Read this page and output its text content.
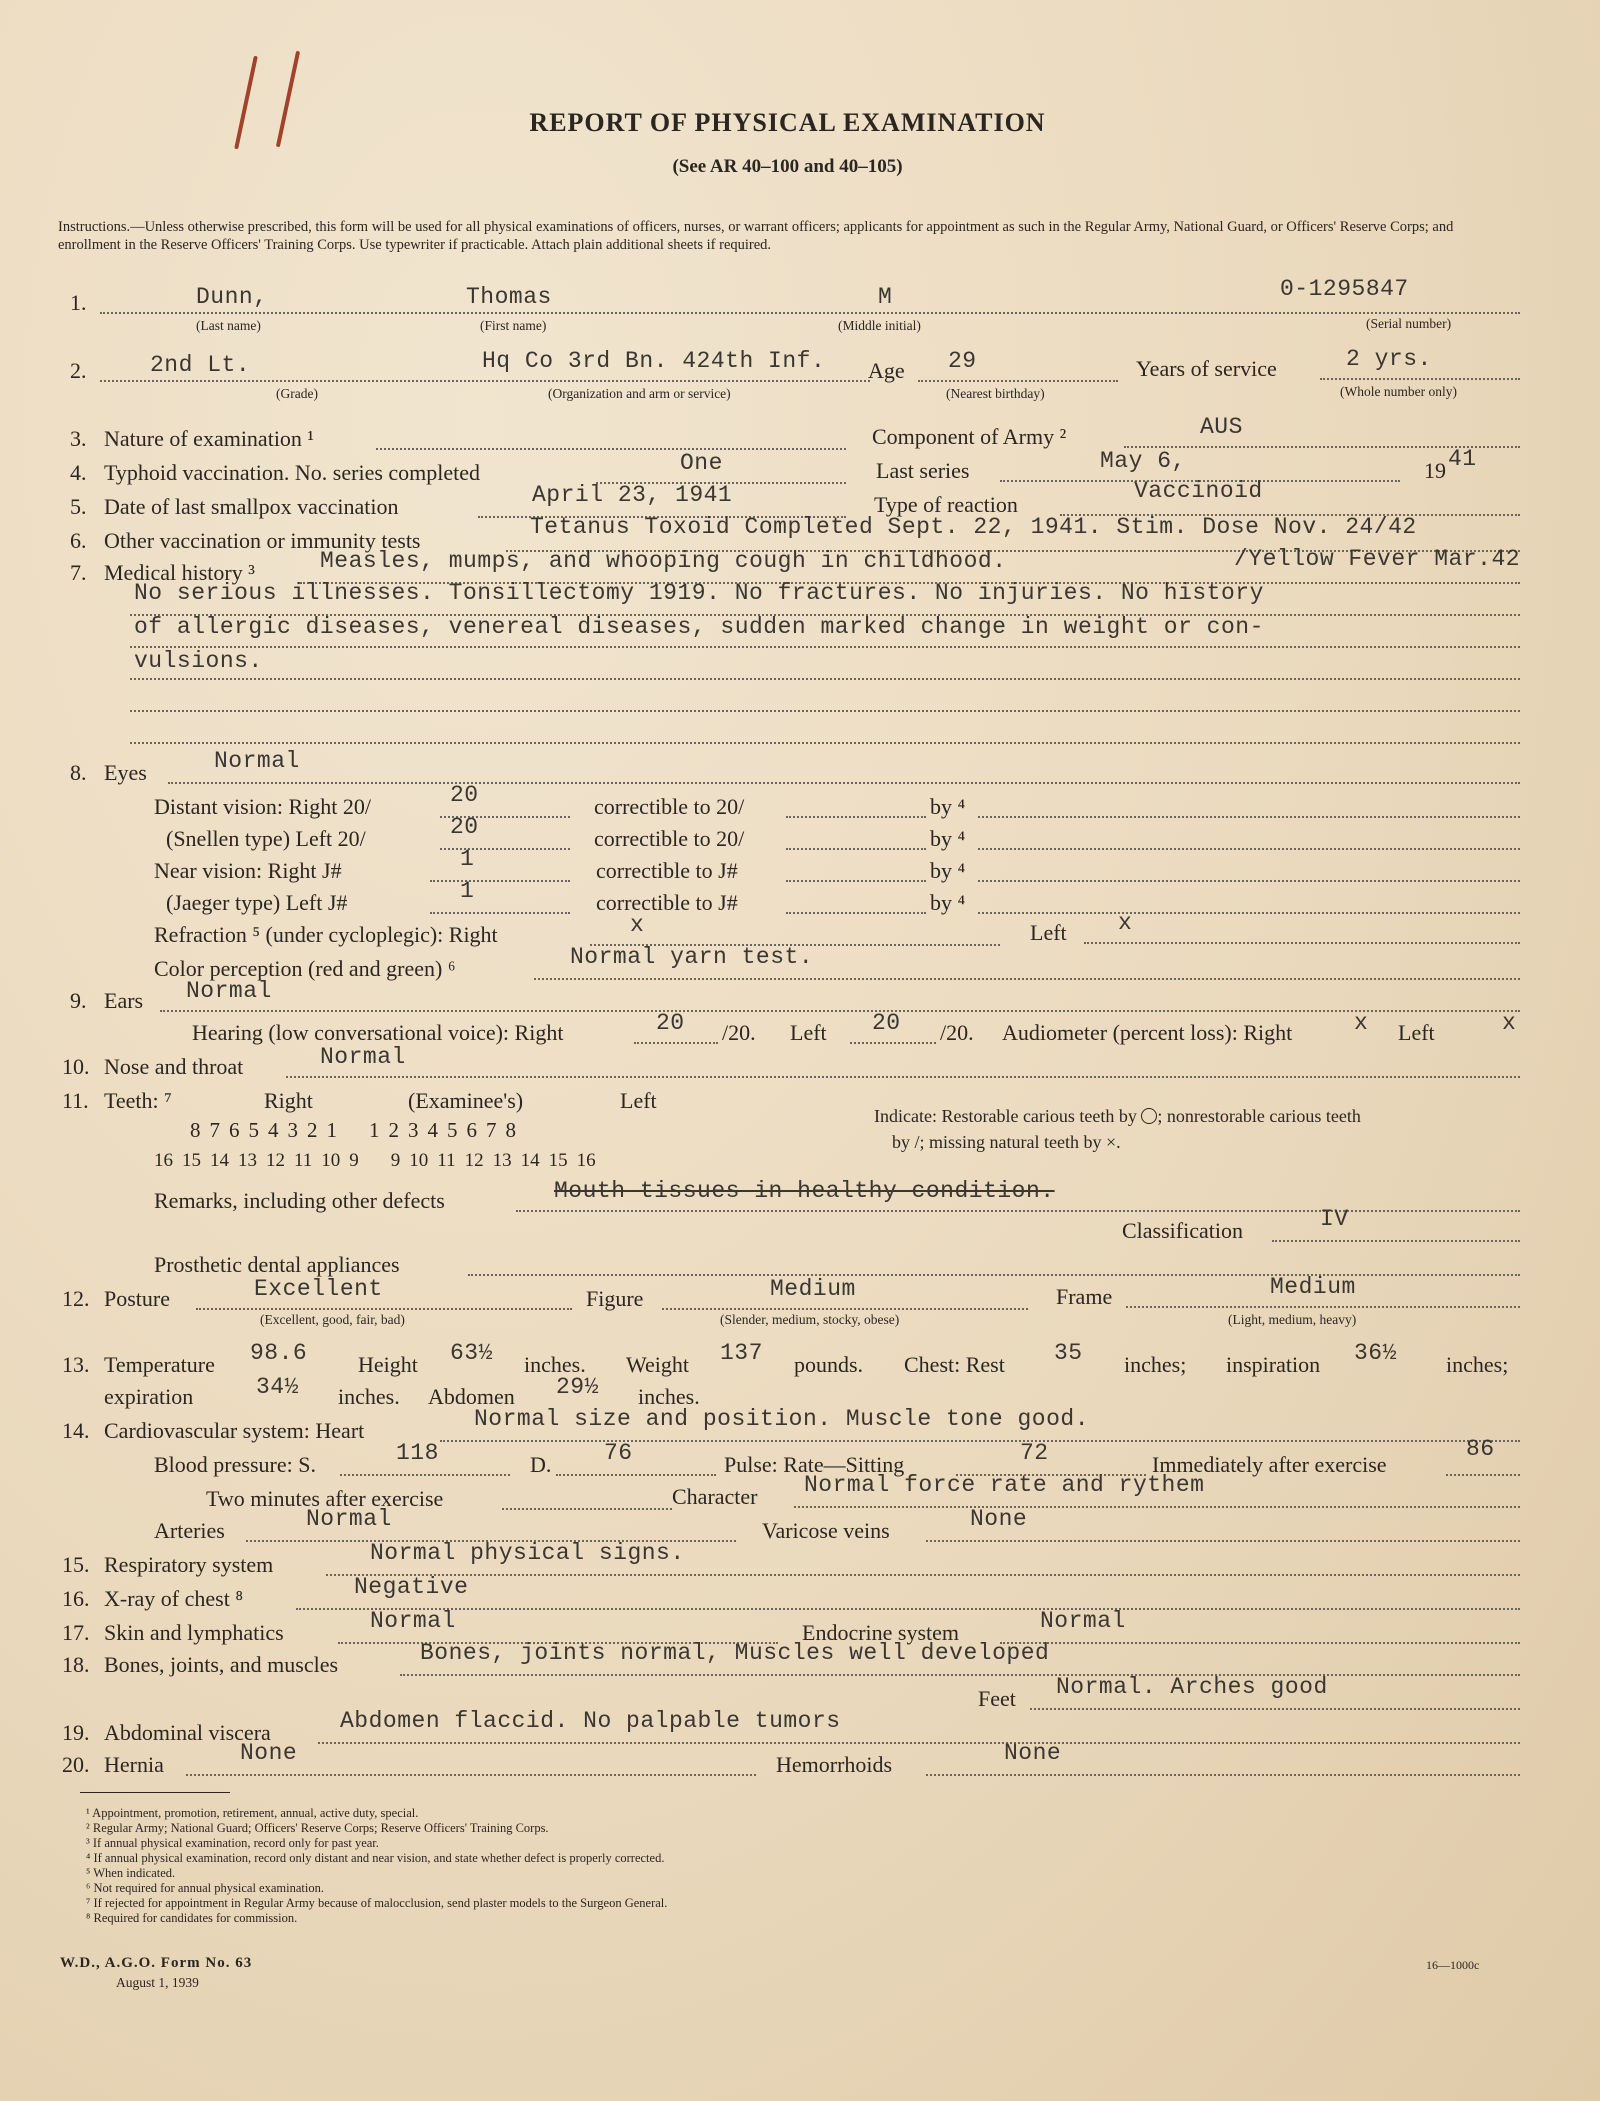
REPORT OF PHYSICAL EXAMINATION
(See AR 40–100 and 40–105)
Instructions.—Unless otherwise prescribed, this form will be used for all physical examinations of officers, nurses, or warrant officers; applicants for appointment as such in the Regular Army, National Guard, or Officers' Reserve Corps; and enrollment in the Reserve Officers' Training Corps. Use typewriter if practicable. Attach plain additional sheets if required.
1.	Dunn,	Thomas	M	0-1295847
(Last name)	(First name)	(Middle initial)	(Serial number)
2.	2nd Lt.	Hq Co 3rd Bn. 424th Inf. Age 29	Years of service	2 yrs.
(Grade)	(Organization and arm or service)	(Nearest birthday)	(Whole number only)
3. Nature of examination ¹	Component of Army ²	AUS
4. Typhoid vaccination. No. series completed	One	Last series	May 6,	19 41
5. Date of last smallpox vaccination	April 23, 1941	Type of reaction
Vaccinoid
6. Other vaccination or immunity tests
Tetanus Toxoid Completed Sept. 22, 1941. Stim. Dose Nov. 24/42
7. Medical history ³	Measles, mumps, and whooping cough in childhood.	/Yellow Fever Mar.42
No serious illnesses. Tonsillectomy 1919. No fractures. No injuries. No history
of allergic diseases, venereal diseases, sudden marked change in weight or con-
vulsions.
8. Eyes	Normal
Distant vision: Right 20/	20	correctible to 20/	by ⁴
(Snellen type) Left 20/	20	correctible to 20/	by ⁴
Near vision: Right J#	1	correctible to J#	by ⁴
(Jaeger type) Left J#	1	correctible to J#	by ⁴
Refraction ⁵ (under cycloplegic): Right	x	Left x
Color perception (red and green) ⁶	Normal yarn test.
9. Ears Normal
Hearing (low conversational voice): Right	20 /20. Left 20 /20. Audiometer (percent loss): Right	x Left	x
10. Nose and throat	Normal
11. Teeth: ⁷	Right	(Examinee's)	Left
8 7 6 5 4 3 2 1 1 2 3 4 5 6 7 8
16 15 14 13 12 11 10 9 9 10 11 12 13 14 15 16
Indicate: Restorable carious teeth by ; nonrestorable carious teeth
by /; missing natural teeth by ×.
Remarks, including other defects	Mouth tissues in healthy condition.
Classification	IV
Prosthetic dental appliances
12. Posture	Excellent
(Excellent, good, fair, bad)
Figure	Medium
(Slender, medium, stocky, obese)
Frame	Medium
(Light, medium, heavy)
13. Temperature 98.6 Height 63½ inches. Weight 137 pounds. Chest: Rest 35 inches; inspiration 36½ inches;
expiration	34½ inches. Abdomen 29½ inches.
14. Cardiovascular system: Heart	Normal size and position. Muscle tone good.
Blood pressure: S.	118	D. 76	Pulse: Rate—Sitting	72	Immediately after exercise
86
Two minutes after exercise	Character Normal force rate and rythem
Arteries	Normal	Varicose veins	None
15. Respiratory system	Normal physical signs.
16. X-ray of chest ⁸	Negative
17. Skin and lymphatics	Normal	Endocrine system	Normal
18. Bones, joints, and muscles	Bones, joints normal, Muscles well developed
Feet Normal. Arches good
19. Abdominal viscera	Abdomen flaccid. No palpable tumors
20. Hernia	None	Hemorrhoids	None
¹ Appointment, promotion, retirement, annual, active duty, special.
² Regular Army; National Guard; Officers' Reserve Corps; Reserve Officers' Training Corps.
³ If annual physical examination, record only for past year.
⁴ If annual physical examination, record only distant and near vision, and state whether defect is properly corrected.
⁵ When indicated.
⁶ Not required for annual physical examination.
⁷ If rejected for appointment in Regular Army because of malocclusion, send plaster models to the Surgeon General.
⁸ Required for candidates for commission.
W.D., A.G.O. Form No. 63
August 1, 1939
16—1000c
